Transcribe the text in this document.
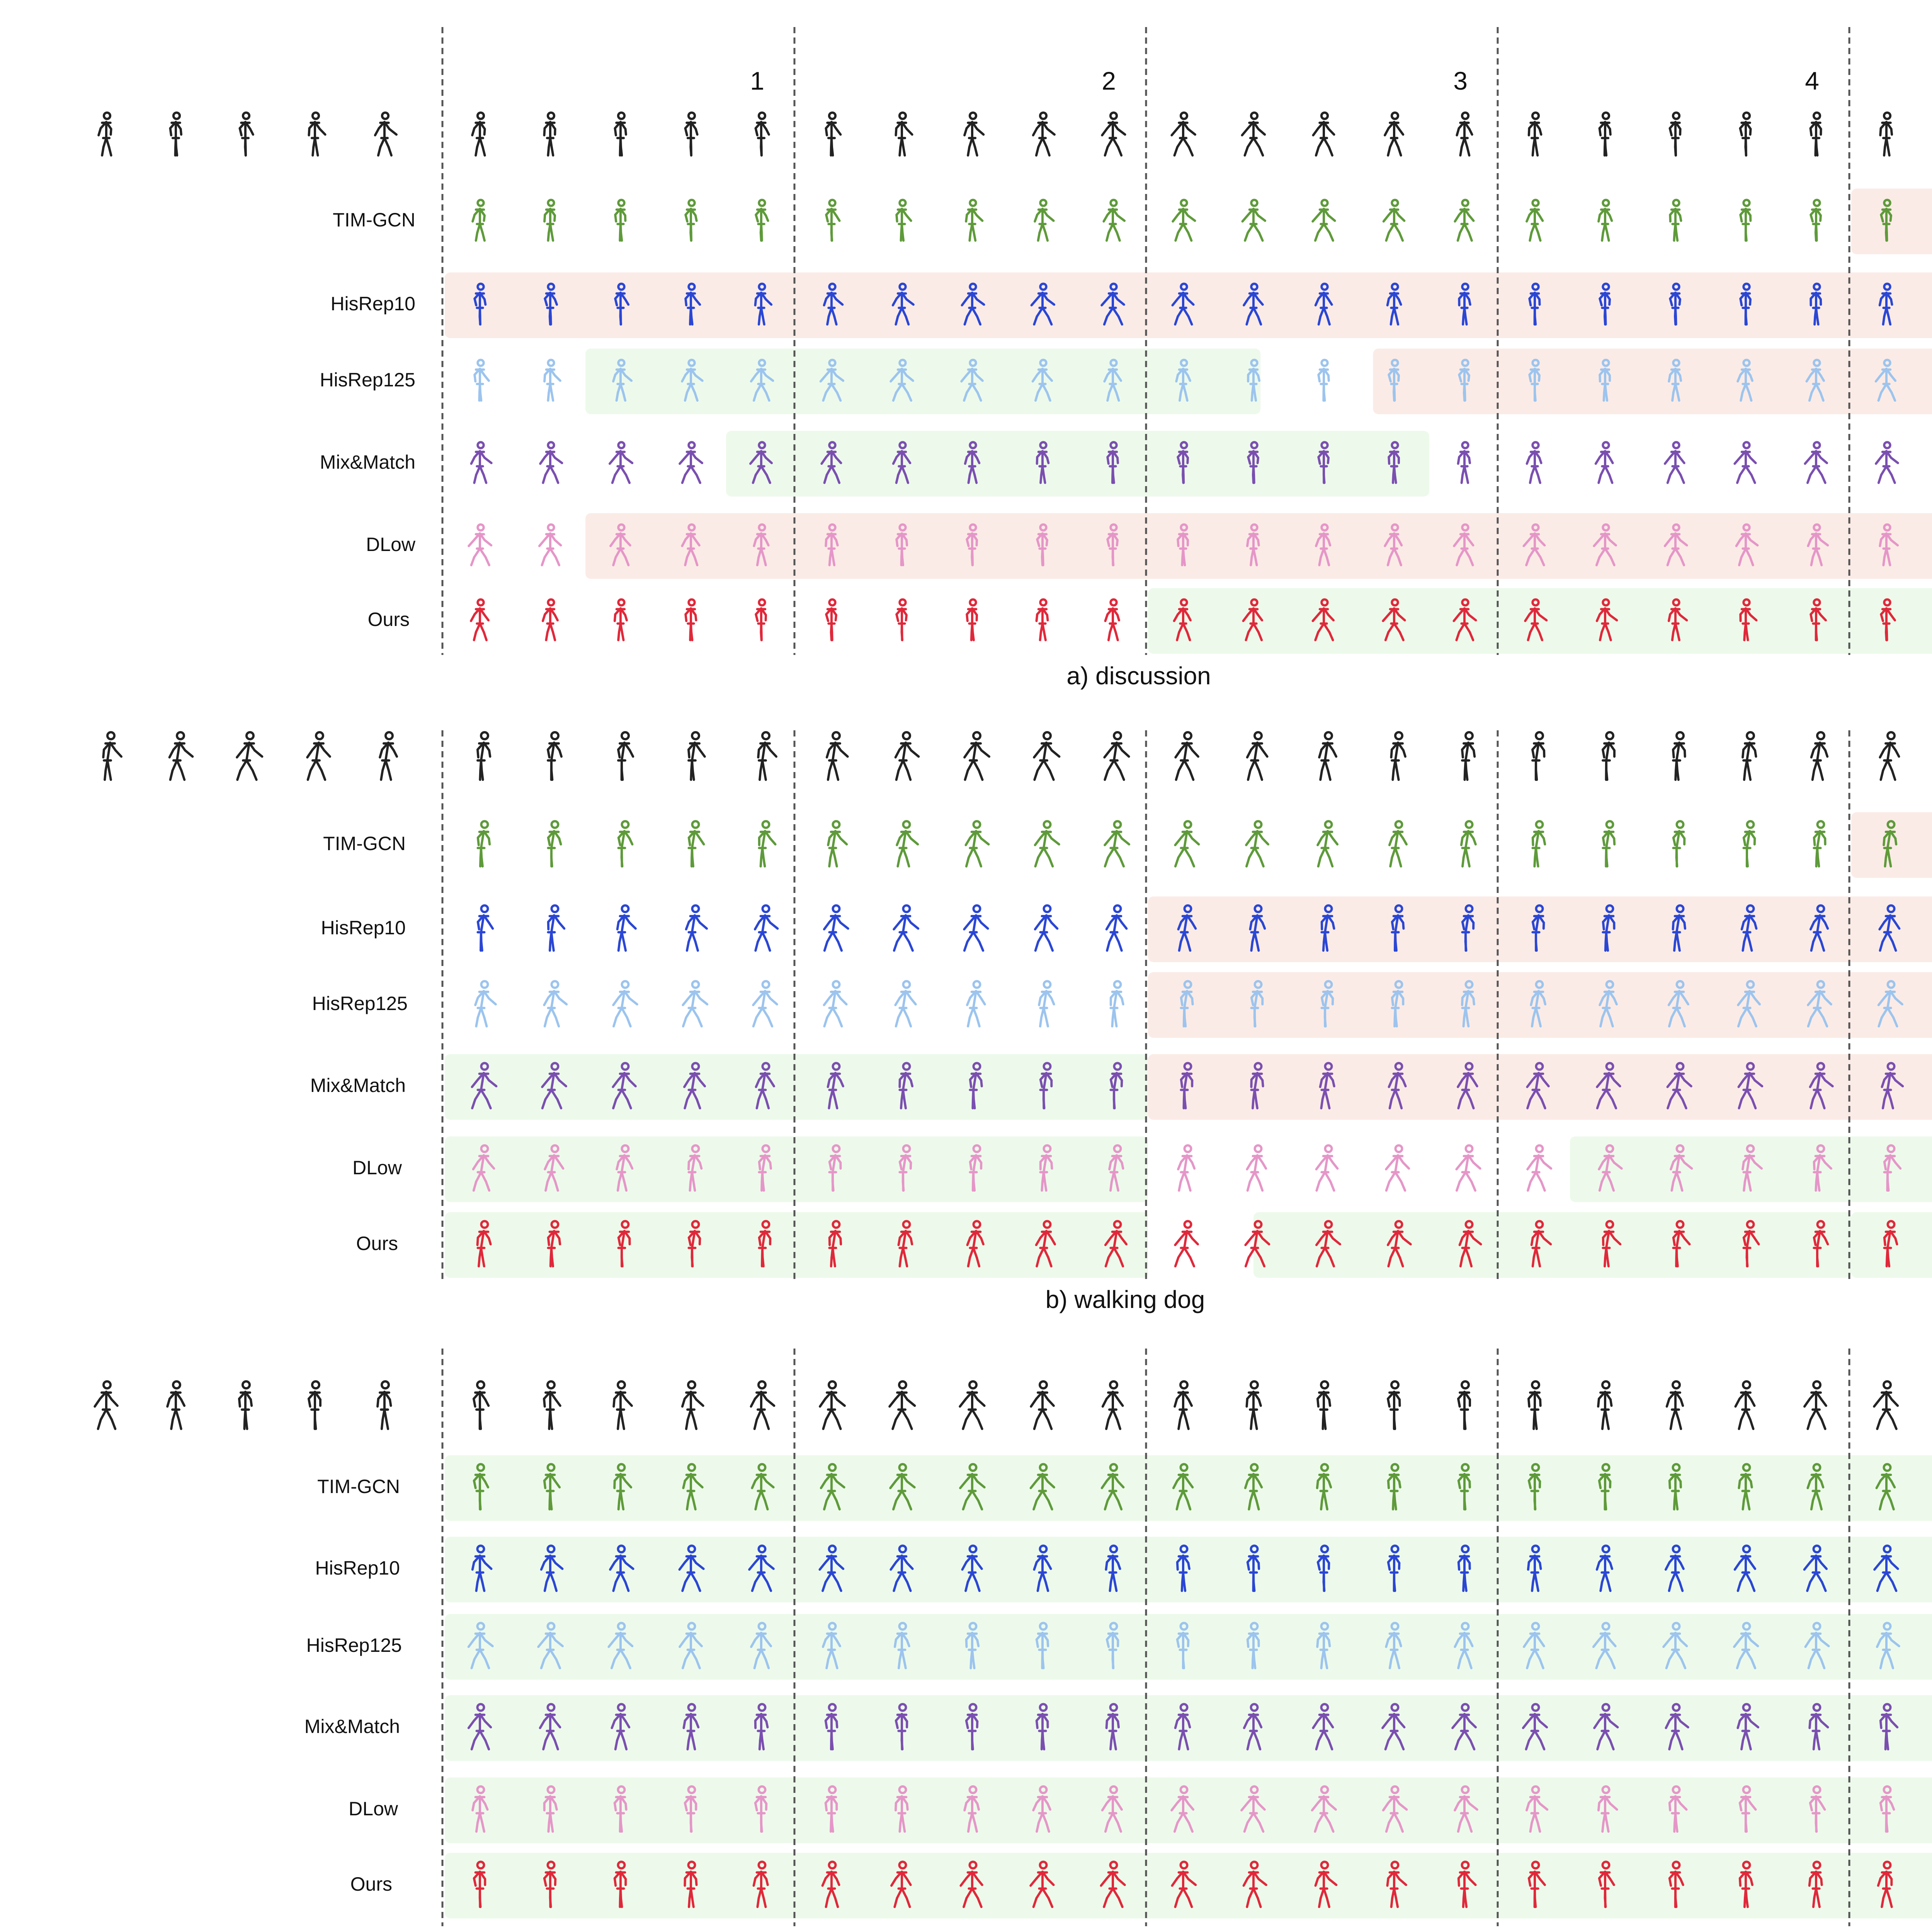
1	2	3	4
TIM-GCN
HisRep10
HisRep125
Mix&Match
DLow
Ours
a) discussion
TIM-GCN
HisRep10
HisRep125
Mix&Match
DLow
Ours
b) walking dog
TIM-GCN
HisRep10
HisRep125
Mix&Match
DLow
Ours
